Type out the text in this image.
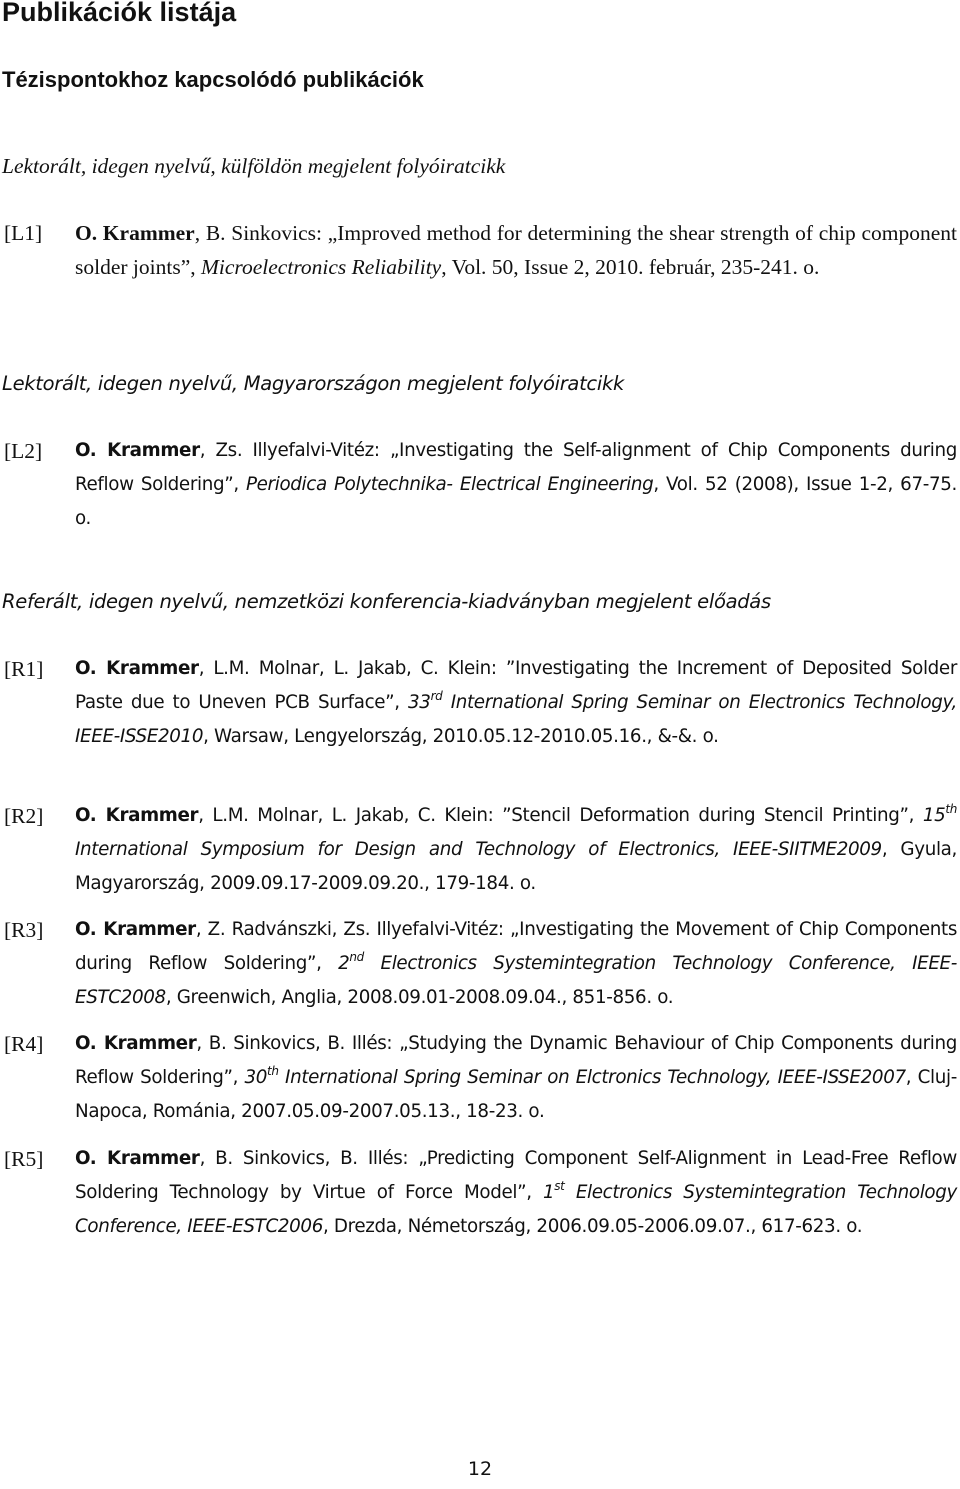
Publikációk listája
Tézispontokhoz kapcsolódó publikációk
Lektorált, idegen nyelvű, külföldön megjelent folyóiratcikk
[L1] O. Krammer, B. Sinkovics: „Improved method for determining the shear strength of chip component solder joints”, Microelectronics Reliability, Vol. 50, Issue 2, 2010. február, 235-241. o.

Lektorált, idegen nyelvű, Magyarországon megjelent folyóiratcikk
[L2] O. Krammer, Zs. Illyefalvi-Vitéz: „Investigating the Self-alignment of Chip Components during Reflow Soldering”, Periodica Polytechnika- Electrical Engineering, Vol. 52 (2008), Issue 1-2, 67-75. o.

Referált, idegen nyelvű, nemzetközi konferencia-kiadványban megjelent előadás
[R1] O. Krammer, L.M. Molnar, L. Jakab, C. Klein: ”Investigating the Increment of Deposited Solder Paste due to Uneven PCB Surface”, 33rd International Spring Seminar on Electronics Technology, IEEE-ISSE2010, Warsaw, Lengyelország, 2010.05.12-2010.05.16., &-&. o.

[R2] O. Krammer, L.M. Molnar, L. Jakab, C. Klein: ”Stencil Deformation during Stencil Printing”, 15th International Symposium for Design and Technology of Electronics, IEEE-SIITME2009, Gyula, Magyarország, 2009.09.17-2009.09.20., 179-184. o.

[R3] O. Krammer, Z. Radvánszki, Zs. Illyefalvi-Vitéz: „Investigating the Movement of Chip Components during Reflow Soldering”, 2nd Electronics Systemintegration Technology Conference, IEEE-ESTC2008, Greenwich, Anglia, 2008.09.01-2008.09.04., 851-856. o.

[R4] O. Krammer, B. Sinkovics, B. Illés: „Studying the Dynamic Behaviour of Chip Components during Reflow Soldering”, 30th International Spring Seminar on Elctronics Technology, IEEE-ISSE2007, Cluj-Napoca, Románia, 2007.05.09-2007.05.13., 18-23. o.

[R5] O. Krammer, B. Sinkovics, B. Illés: „Predicting Component Self-Alignment in Lead-Free Reflow Soldering Technology by Virtue of Force Model”, 1st Electronics Systemintegration Technology Conference, IEEE-ESTC2006, Drezda, Németország, 2006.09.05-2006.09.07., 617-623. o.

12
